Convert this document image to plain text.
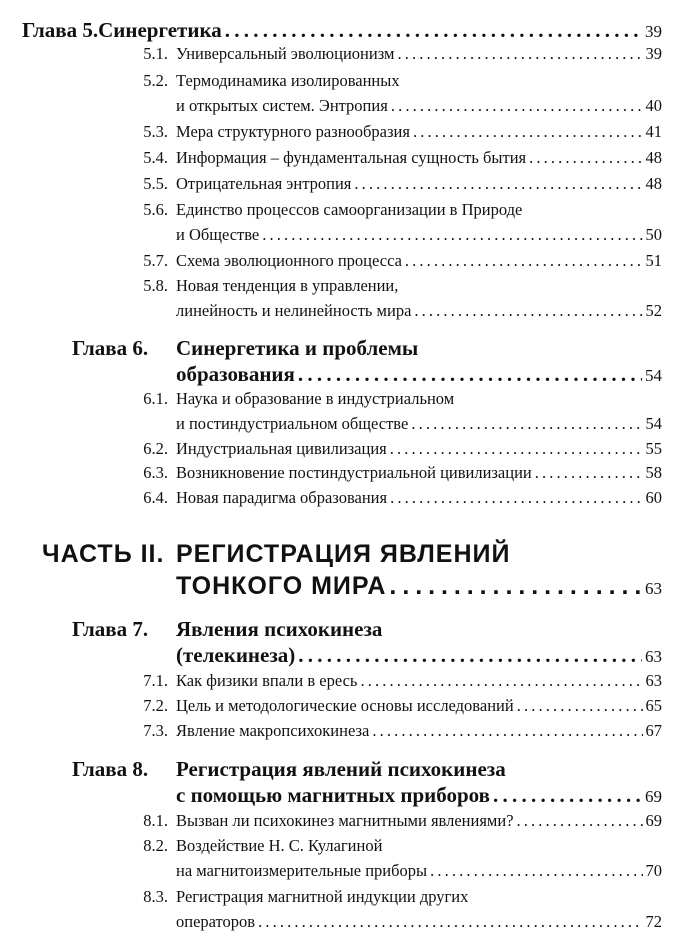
Глава 5.Синергетика . . .	39
5.1. Универсальный эволюционизм . . .	39
5.2. Термодинамика изолированных
и открытых систем. Энтропия . . .	40
5.3. Мера структурного разнообразия . . .	41
5.4. Информация – фундаментальная сущность бытия . . .	48
5.5. Отрицательная энтропия . . .	48
5.6. Единство процессов самоорганизации в Природе
и Обществе . . .	50
5.7. Схема эволюционного процесса . . .	51
5.8. Новая тенденция в управлении,
линейность и нелинейность мира . . .	52
Глава 6. Синергетика и проблемы
образования . . .	54
6.1. Наука и образование в индустриальном
и постиндустриальном обществе . . .	54
6.2. Индустриальная цивилизация . . .	55
6.3. Возникновение постиндустриальной цивилизации . . .	58
6.4. Новая парадигма образования . . .	60
ЧАСТЬ II. РЕГИСТРАЦИЯ ЯВЛЕНИЙ
ТОНКОГО МИРА . . .	63
Глава 7. Явления психокинеза
(телекинеза) . . .	63
7.1. Как физики впали в ересь . . .	63
7.2. Цель и методологические основы исследований . . .	65
7.3. Явление макропсихокинеза . . .	67
Глава 8. Регистрация явлений психокинеза
с помощью магнитных приборов . . .	69
8.1. Вызван ли психокинез магнитными явлениями? . . .	69
8.2. Воздействие Н. С. Кулагиной
на магнитоизмерительные приборы . . .	70
8.3. Регистрация магнитной индукции других
операторов . . .	72
